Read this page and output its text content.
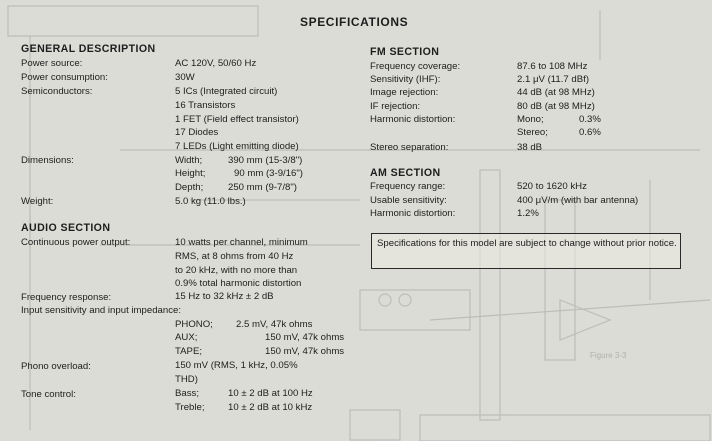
Figure 3-3
SPECIFICATIONS
GENERAL DESCRIPTION
Power source:	AC 120V, 50/60 Hz
Power consumption:	30W
Semiconductors:	5 ICs (Integrated circuit)
16 Transistors
1 FET (Field effect transistor)
17 Diodes
7 LEDs (Light emitting diode)
Dimensions:	Width;	390 mm (15-3/8")
Height;	90 mm (3-9/16")
Depth;	250 mm (9-7/8")
Weight:	5.0 kg (11.0 lbs.)
AUDIO SECTION
Continuous power output:	10 watts per channel, minimum
RMS, at 8 ohms from 40 Hz
to 20 kHz, with no more than
0.9% total harmonic distortion
Frequency response:	15 Hz to 32 kHz ± 2 dB
Input sensitivity and input impedance:
PHONO; 2.5 mV, 47k ohms
AUX;	150 mV, 47k ohms
TAPE;	150 mV, 47k ohms
Phono overload:	150 mV (RMS, 1 kHz, 0.05%
THD)
Tone control:	Bass;	10 ± 2 dB at 100 Hz
Treble; 10 ± 2 dB at 10 kHz
FM SECTION
Frequency coverage:	87.6 to 108 MHz
Sensitivity (IHF):	2.1 μV (11.7 dBf)
Image rejection:	44 dB (at 98 MHz)
IF rejection:	80 dB (at 98 MHz)
Harmonic distortion:	Mono;	0.3%
Stereo;	0.6%
Stereo separation:	38 dB
AM SECTION
Frequency range:	520 to 1620 kHz
Usable sensitivity:	400 μV/m (with bar antenna)
Harmonic distortion:	1.2%
Specifications for this model are subject to change without prior notice.
